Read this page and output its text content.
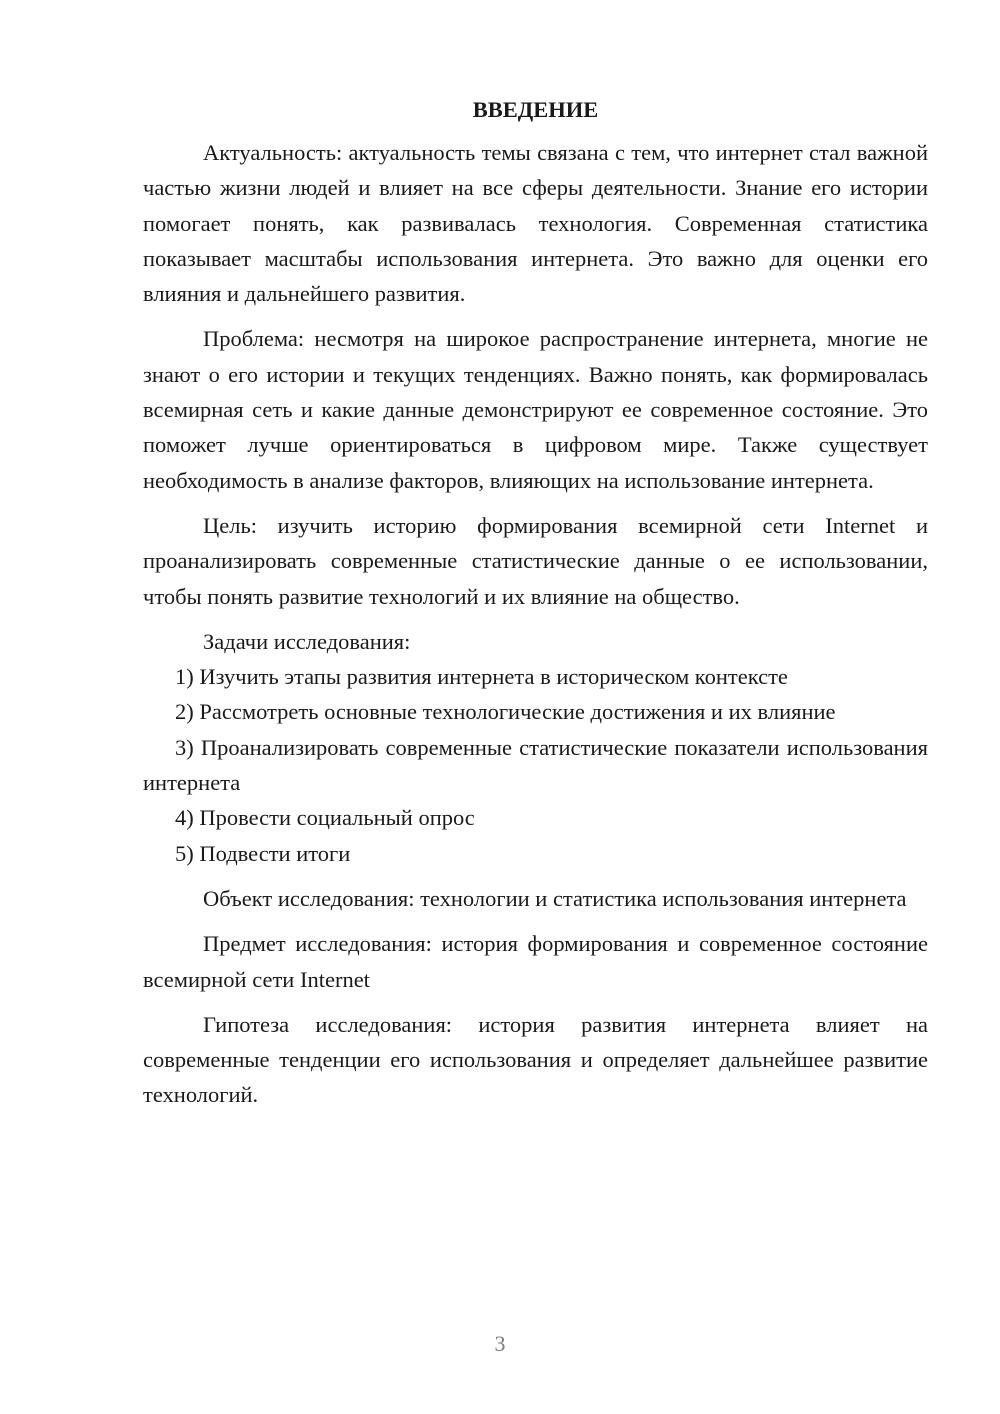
ВВЕДЕНИЕ

Актуальность: актуальность темы связана с тем, что интернет стал важной частью жизни людей и влияет на все сферы деятельности. Знание его истории помогает понять, как развивалась технология. Современная статистика показывает масштабы использования интернета. Это важно для оценки его влияния и дальнейшего развития.

Проблема: несмотря на широкое распространение интернета, многие не знают о его истории и текущих тенденциях. Важно понять, как формировалась всемирная сеть и какие данные демонстрируют ее современное состояние. Это поможет лучше ориентироваться в цифровом мире. Также существует необходимость в анализе факторов, влияющих на использование интернета.

Цель: изучить историю формирования всемирной сети Internet и проанализировать современные статистические данные о ее использовании, чтобы понять развитие технологий и их влияние на общество.

Задачи исследования:

1) Изучить этапы развития интернета в историческом контексте

2) Рассмотреть основные технологические достижения и их влияние

3) Проанализировать современные статистические показатели использования интернета

4) Провести социальный опрос

5) Подвести итоги

Объект исследования: технологии и статистика использования интернета

Предмет исследования: история формирования и современное состояние всемирной сети Internet

Гипотеза исследования: история развития интернета влияет на современные тенденции его использования и определяет дальнейшее развитие технологий.

3
